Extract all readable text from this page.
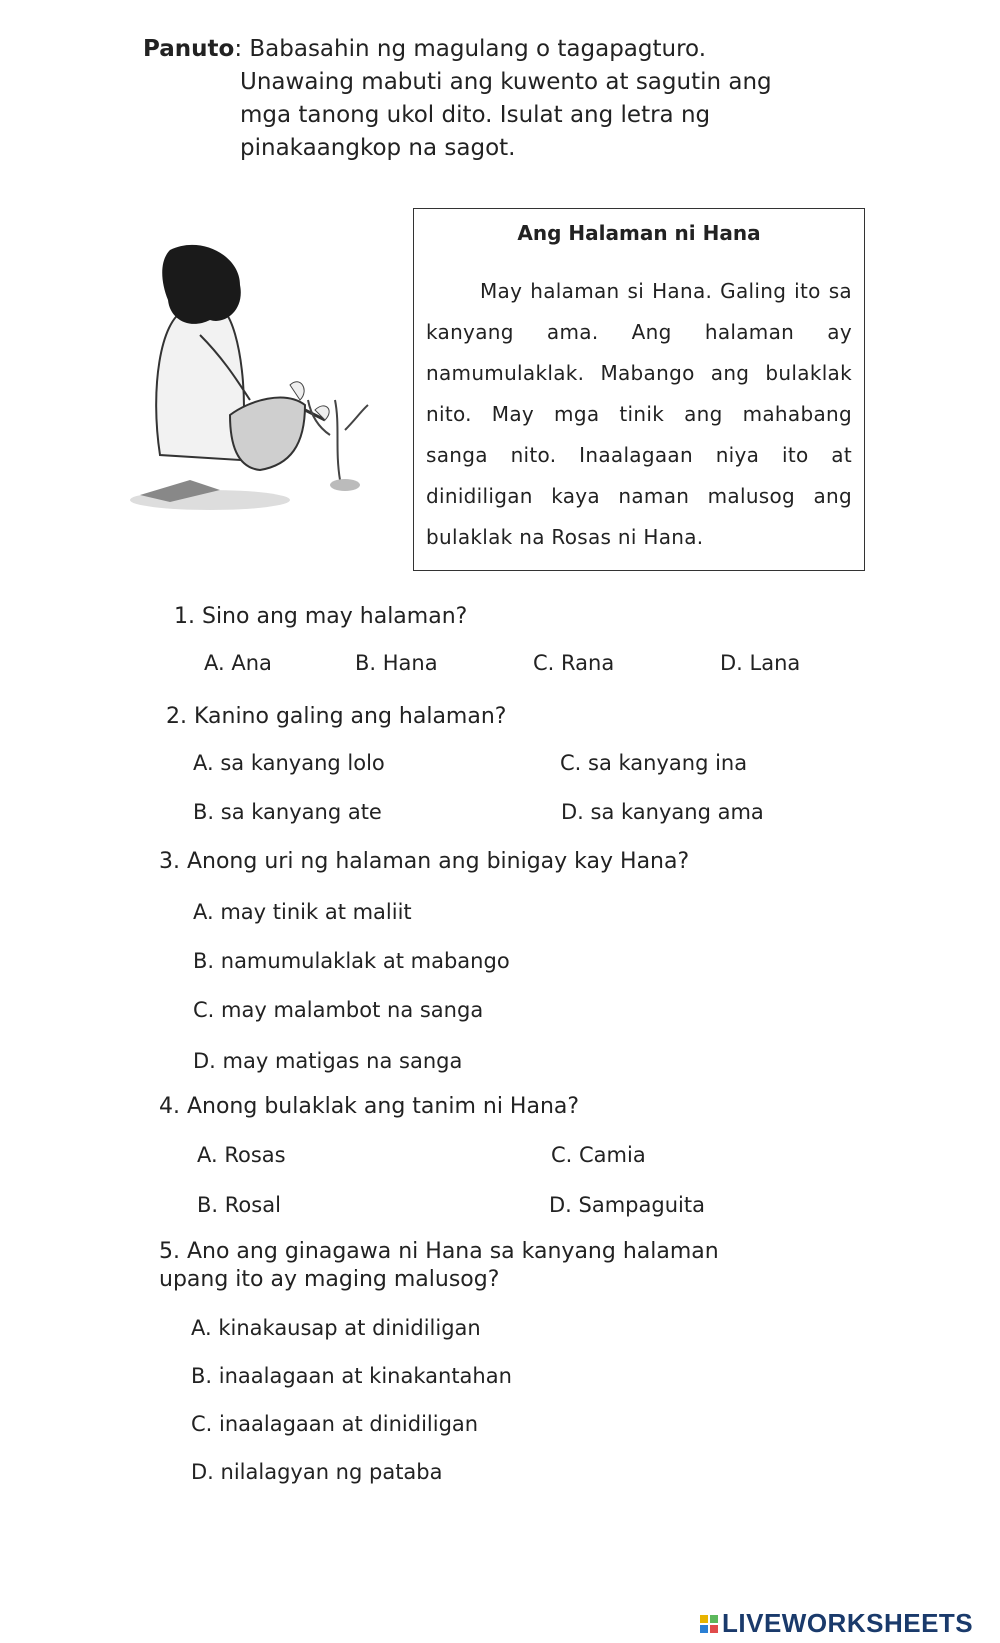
Panuto: Babasahin ng magulang o tagapagturo.
Unawaing mabuti ang kuwento at sagutin ang
mga tanong ukol dito. Isulat ang letra ng
pinakaangkop na sagot.
Ang Halaman ni Hana
May halaman si Hana. Galing ito sa kanyang ama. Ang halaman ay namumulaklak. Mabango ang bulaklak nito. May mga tinik ang mahabang sanga nito. Inaalagaan niya ito at dinidiligan kaya naman malusog ang bulaklak na Rosas ni Hana.
1. Sino ang may halaman?
A. Ana	B. Hana	C. Rana	D. Lana
2. Kanino galing ang halaman?
A. sa kanyang lolo	C. sa kanyang ina
B. sa kanyang ate	D. sa kanyang ama
3. Anong uri ng halaman ang binigay kay Hana?
A. may tinik at maliit
B. namumulaklak at mabango
C. may malambot na sanga
D. may matigas na sanga
4. Anong bulaklak ang tanim ni Hana?
A. Rosas	C. Camia
B. Rosal	D. Sampaguita
5. Ano ang ginagawa ni Hana sa kanyang halaman
upang ito ay maging malusog?
A. kinakausap at dinidiligan
B. inaalagaan at kinakantahan
C. inaalagaan at dinidiligan
D. nilalagyan ng pataba
LIVEWORKSHEETS
